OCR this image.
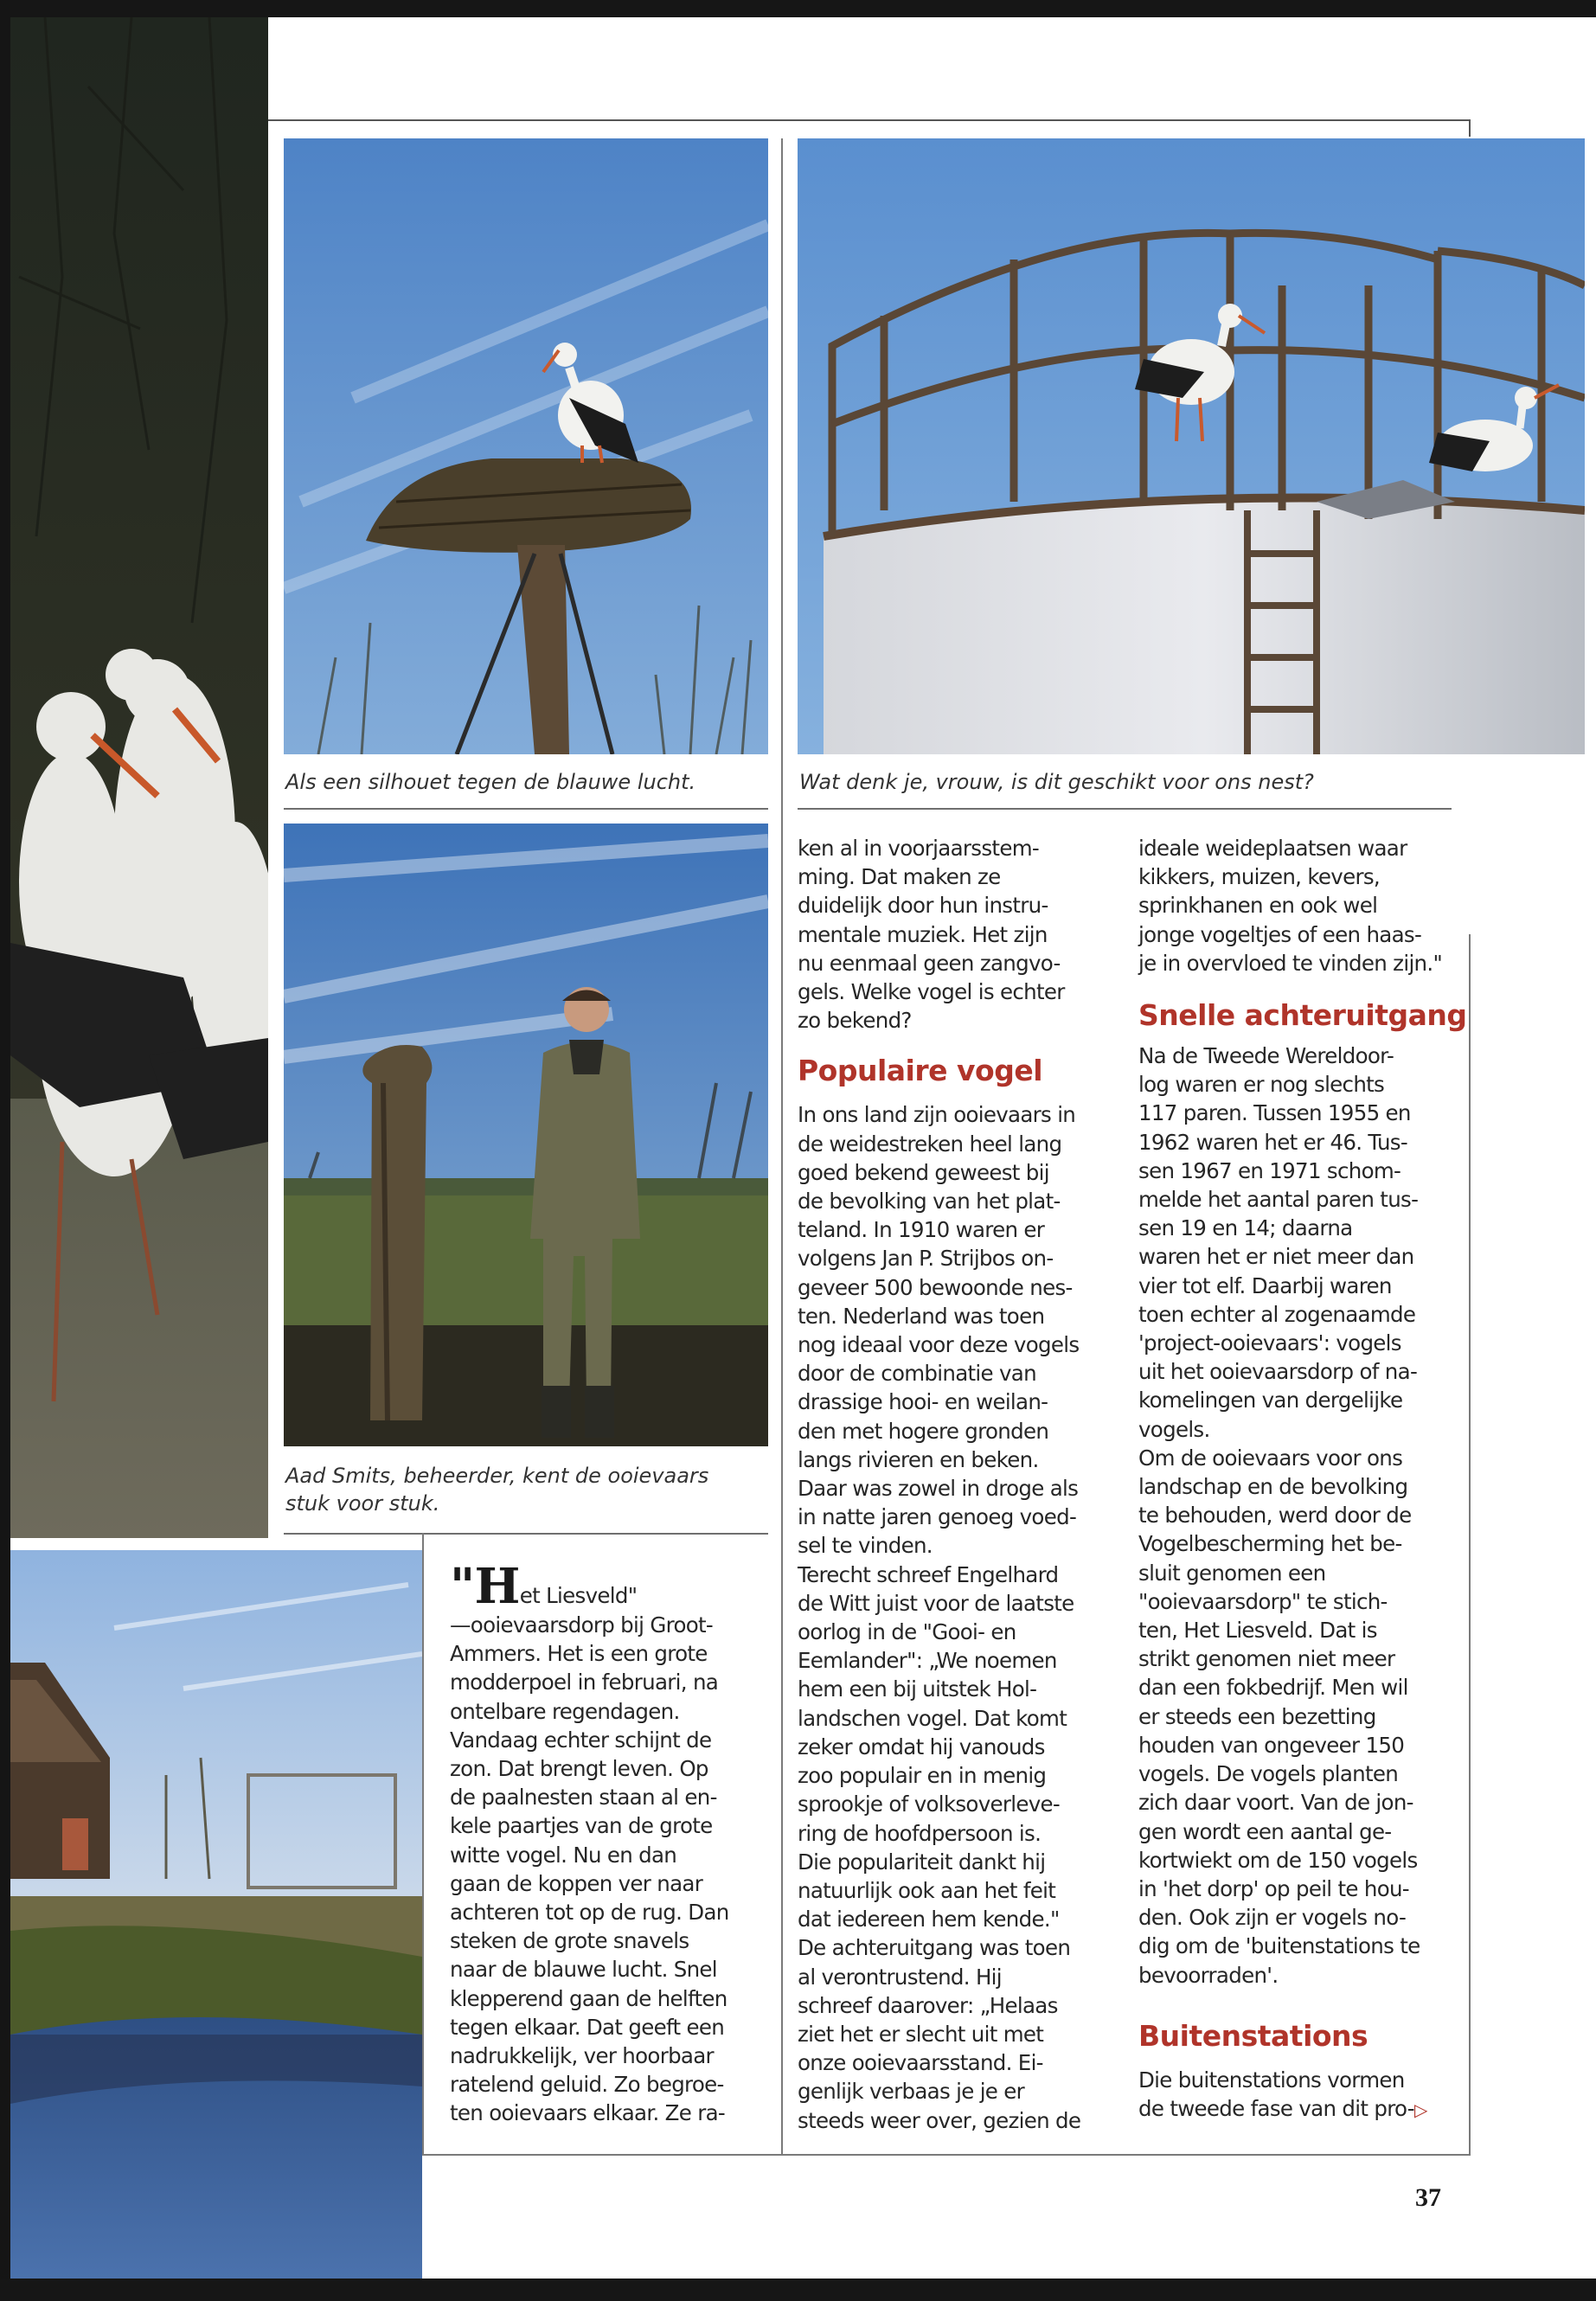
Als een silhouet tegen de blauwe lucht.	Wat denk je, vrouw, is dit geschikt voor ons nest?
Aad Smits, beheerder, kent de ooievaars stuk voor stuk.
"Het Liesveld"

—ooievaarsdorp bij Groot-

Ammers. Het is een grote

modderpoel in februari, na

ontelbare regendagen.

Vandaag echter schijnt de

zon. Dat brengt leven. Op

de paalnesten staan al en-

kele paartjes van de grote

witte vogel. Nu en dan

gaan de koppen ver naar

achteren tot op de rug. Dan

steken de grote snavels

naar de blauwe lucht. Snel

klepperend gaan de helften

tegen elkaar. Dat geeft een

nadrukkelijk, ver hoorbaar

ratelend geluid. Zo begroe-

ten ooievaars elkaar. Ze ra-

ken al in voorjaarsstem-

ming. Dat maken ze

duidelijk door hun instru-

mentale muziek. Het zijn

nu eenmaal geen zangvo-

gels. Welke vogel is echter

zo bekend?

Populaire vogel

In ons land zijn ooievaars in

de weidestreken heel lang

goed bekend geweest bij

de bevolking van het plat-

teland. In 1910 waren er

volgens Jan P. Strijbos on-

geveer 500 bewoonde nes-

ten. Nederland was toen

nog ideaal voor deze vogels

door de combinatie van

drassige hooi- en weilan-

den met hogere gronden

langs rivieren en beken.

Daar was zowel in droge als

in natte jaren genoeg voed-

sel te vinden.

Terecht schreef Engelhard

de Witt juist voor de laatste

oorlog in de "Gooi- en

Eemlander": „We noemen

hem een bij uitstek Hol-

landschen vogel. Dat komt

zeker omdat hij vanouds

zoo populair en in menig

sprookje of volksoverleve-

ring de hoofdpersoon is.

Die populariteit dankt hij

natuurlijk ook aan het feit

dat iedereen hem kende."

De achteruitgang was toen

al verontrustend. Hij

schreef daarover: „Helaas

ziet het er slecht uit met

onze ooievaarsstand. Ei-

genlijk verbaas je je er

steeds weer over, gezien de

ideale weideplaatsen waar

kikkers, muizen, kevers,

sprinkhanen en ook wel

jonge vogeltjes of een haas-

je in overvloed te vinden zijn."

Snelle achteruitgang

Na de Tweede Wereldoor-

log waren er nog slechts

117 paren. Tussen 1955 en

1962 waren het er 46. Tus-

sen 1967 en 1971 schom-

melde het aantal paren tus-

sen 19 en 14; daarna

waren het er niet meer dan

vier tot elf. Daarbij waren

toen echter al zogenaamde

'project-ooievaars': vogels

uit het ooievaarsdorp of na-

komelingen van dergelijke

vogels.

Om de ooievaars voor ons

landschap en de bevolking

te behouden, werd door de

Vogelbescherming het be-

sluit genomen een

"ooievaarsdorp" te stich-

ten, Het Liesveld. Dat is

strikt genomen niet meer

dan een fokbedrijf. Men wil

er steeds een bezetting

houden van ongeveer 150

vogels. De vogels planten

zich daar voort. Van de jon-

gen wordt een aantal ge-

kortwiekt om de 150 vogels

in 'het dorp' op peil te hou-

den. Ook zijn er vogels no-

dig om de 'buitenstations te

bevoorraden'.

Buitenstations

Die buitenstations vormen

de tweede fase van dit pro-▷

37
